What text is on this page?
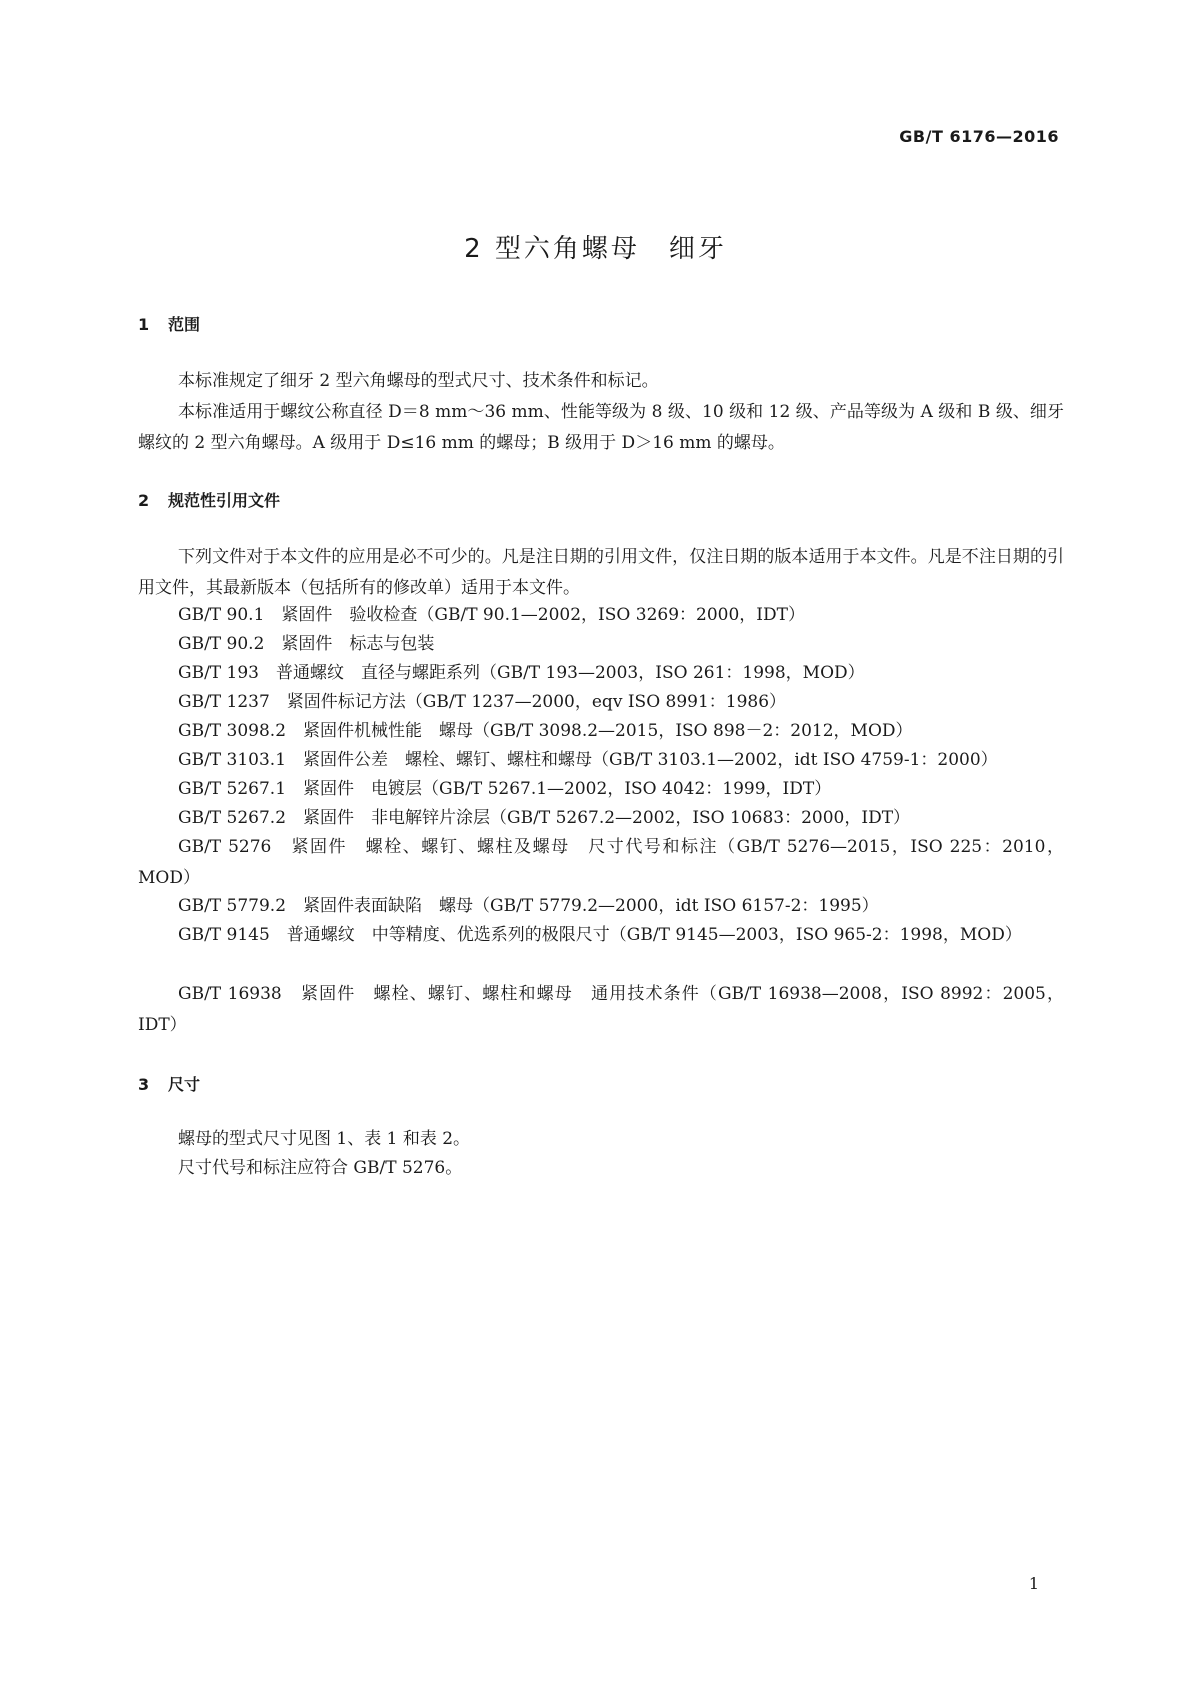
GB/T 6176—2016
2 型六角螺母　细牙
1 范围
本标准规定了细牙 2 型六角螺母的型式尺寸、技术条件和标记。
本标准适用于螺纹公称直径 D＝8 mm～36 mm、性能等级为 8 级、10 级和 12 级、产品等级为 A 级和 B 级、细牙螺纹的 2 型六角螺母。A 级用于 D≤16 mm 的螺母；B 级用于 D＞16 mm 的螺母。
2 规范性引用文件
下列文件对于本文件的应用是必不可少的。凡是注日期的引用文件，仅注日期的版本适用于本文件。凡是不注日期的引用文件，其最新版本（包括所有的修改单）适用于本文件。
GB/T 90.1　紧固件　验收检查（GB/T 90.1—2002，ISO 3269：2000，IDT）
GB/T 90.2　紧固件　标志与包装
GB/T 193　普通螺纹　直径与螺距系列（GB/T 193—2003，ISO 261：1998，MOD）
GB/T 1237　紧固件标记方法（GB/T 1237—2000，eqv ISO 8991：1986）
GB/T 3098.2　紧固件机械性能　螺母（GB/T 3098.2—2015，ISO 898－2：2012，MOD）
GB/T 3103.1　紧固件公差　螺栓、螺钉、螺柱和螺母（GB/T 3103.1—2002，idt ISO 4759-1：2000）
GB/T 5267.1　紧固件　电镀层（GB/T 5267.1—2002，ISO 4042：1999，IDT）
GB/T 5267.2　紧固件　非电解锌片涂层（GB/T 5267.2—2002，ISO 10683：2000，IDT）
GB/T 5276　紧固件　螺栓、螺钉、螺柱及螺母　尺寸代号和标注（GB/T 5276—2015，ISO 225：2010，MOD）
GB/T 5779.2　紧固件表面缺陷　螺母（GB/T 5779.2—2000，idt ISO 6157-2：1995）
GB/T 9145　普通螺纹　中等精度、优选系列的极限尺寸（GB/T 9145—2003，ISO 965-2：1998，MOD）
GB/T 16938　紧固件　螺栓、螺钉、螺柱和螺母　通用技术条件（GB/T 16938—2008，ISO 8992：2005，IDT）
3 尺寸
螺母的型式尺寸见图 1、表 1 和表 2。
尺寸代号和标注应符合 GB/T 5276。
1
